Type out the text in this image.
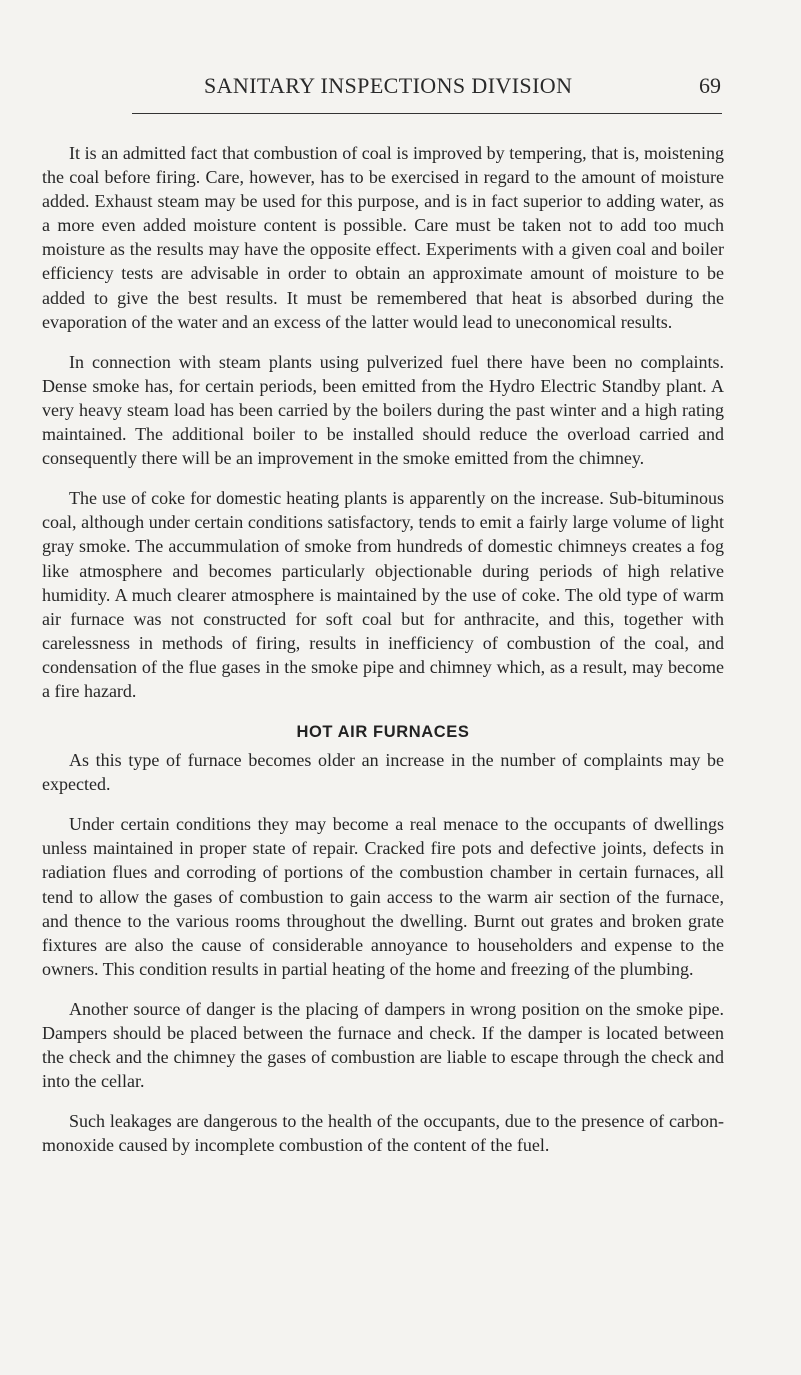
SANITARY INSPECTIONS DIVISION	69

It is an admitted fact that combustion of coal is improved by tempering, that is, moistening the coal before firing. Care, however, has to be exercised in regard to the amount of moisture added. Exhaust steam may be used for this purpose, and is in fact superior to adding water, as a more even added moisture content is possible. Care must be taken not to add too much moisture as the results may have the opposite effect. Experiments with a given coal and boiler efficiency tests are advisable in order to obtain an approximate amount of moisture to be added to give the best results. It must be remembered that heat is absorbed during the evaporation of the water and an excess of the latter would lead to uneconomical results.

In connection with steam plants using pulverized fuel there have been no complaints. Dense smoke has, for certain periods, been emitted from the Hydro Electric Standby plant. A very heavy steam load has been carried by the boilers during the past winter and a high rating maintained. The additional boiler to be installed should reduce the overload carried and consequently there will be an improvement in the smoke emitted from the chimney.

The use of coke for domestic heating plants is apparently on the increase. Sub-bituminous coal, although under certain conditions satisfactory, tends to emit a fairly large volume of light gray smoke. The accummulation of smoke from hundreds of domestic chimneys creates a fog like atmosphere and becomes particularly objectionable during periods of high relative humidity. A much clearer atmosphere is maintained by the use of coke. The old type of warm air furnace was not constructed for soft coal but for anthracite, and this, together with carelessness in methods of firing, results in inefficiency of combustion of the coal, and condensation of the flue gases in the smoke pipe and chimney which, as a result, may become a fire hazard.

HOT AIR FURNACES

As this type of furnace becomes older an increase in the number of complaints may be expected.

Under certain conditions they may become a real menace to the occupants of dwellings unless maintained in proper state of repair. Cracked fire pots and defective joints, defects in radiation flues and corroding of portions of the combustion chamber in certain furnaces, all tend to allow the gases of combustion to gain access to the warm air section of the furnace, and thence to the various rooms throughout the dwelling. Burnt out grates and broken grate fixtures are also the cause of considerable annoyance to householders and expense to the owners. This condition results in partial heating of the home and freezing of the plumbing.

Another source of danger is the placing of dampers in wrong position on the smoke pipe. Dampers should be placed between the furnace and check. If the damper is located between the check and the chimney the gases of combustion are liable to escape through the check and into the cellar.

Such leakages are dangerous to the health of the occupants, due to the presence of carbon-monoxide caused by incomplete combustion of the content of the fuel.
